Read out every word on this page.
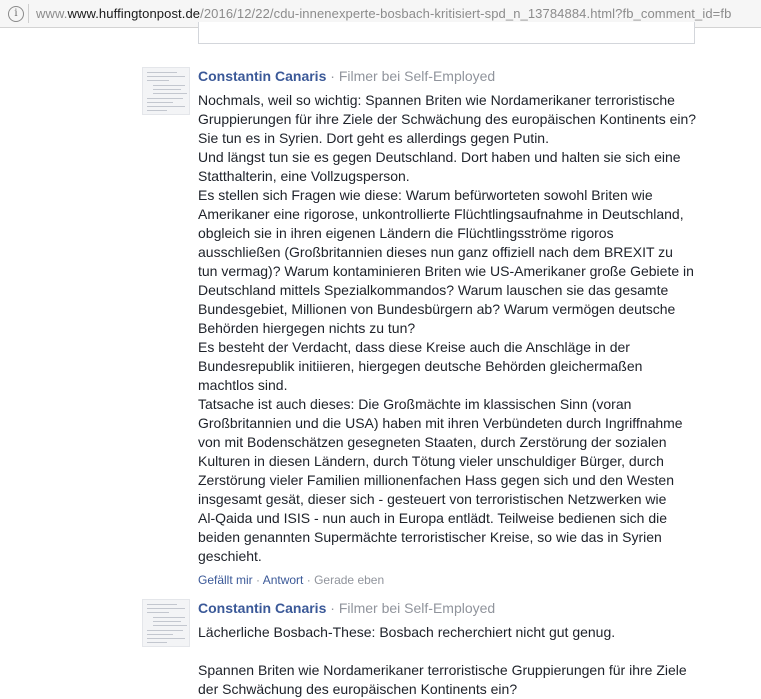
i	www.www.huffingtonpost.de/2016/12/22/cdu-innenexperte-bosbach-kritisiert-spd_n_13784884.html?fb_comment_id=fb
Constantin Canaris · Filmer bei Self-Employed

Nochmals, weil so wichtig: Spannen Briten wie Nordamerikaner terroristische

Gruppierungen für ihre Ziele der Schwächung des europäischen Kontinents ein?

Sie tun es in Syrien. Dort geht es allerdings gegen Putin.

Und längst tun sie es gegen Deutschland. Dort haben und halten sie sich eine

Statthalterin, eine Vollzugsperson.

Es stellen sich Fragen wie diese: Warum befürworteten sowohl Briten wie

Amerikaner eine rigorose, unkontrollierte Flüchtlingsaufnahme in Deutschland,

obgleich sie in ihren eigenen Ländern die Flüchtlingsströme rigoros

ausschließen (Großbritannien dieses nun ganz offiziell nach dem BREXIT zu

tun vermag)? Warum kontaminieren Briten wie US-Amerikaner große Gebiete in

Deutschland mittels Spezialkommandos? Warum lauschen sie das gesamte

Bundesgebiet, Millionen von Bundesbürgern ab? Warum vermögen deutsche

Behörden hiergegen nichts zu tun?

Es besteht der Verdacht, dass diese Kreise auch die Anschläge in der

Bundesrepublik initiieren, hiergegen deutsche Behörden gleichermaßen

machtlos sind.

Tatsache ist auch dieses: Die Großmächte im klassischen Sinn (voran

Großbritannien und die USA) haben mit ihren Verbündeten durch Ingriffnahme

von mit Bodenschätzen gesegneten Staaten, durch Zerstörung der sozialen

Kulturen in diesen Ländern, durch Tötung vieler unschuldiger Bürger, durch

Zerstörung vieler Familien millionenfachen Hass gegen sich und den Westen

insgesamt gesät, dieser sich - gesteuert von terroristischen Netzwerken wie

Al-Qaida und ISIS - nun auch in Europa entlädt. Teilweise bedienen sich die

beiden genannten Supermächte terroristischer Kreise, so wie das in Syrien

geschieht.

Gefällt mir · Antwort · Gerade eben
Constantin Canaris · Filmer bei Self-Employed

Lächerliche Bosbach-These: Bosbach recherchiert nicht gut genug.

Spannen Briten wie Nordamerikaner terroristische Gruppierungen für ihre Ziele

der Schwächung des europäischen Kontinents ein?
